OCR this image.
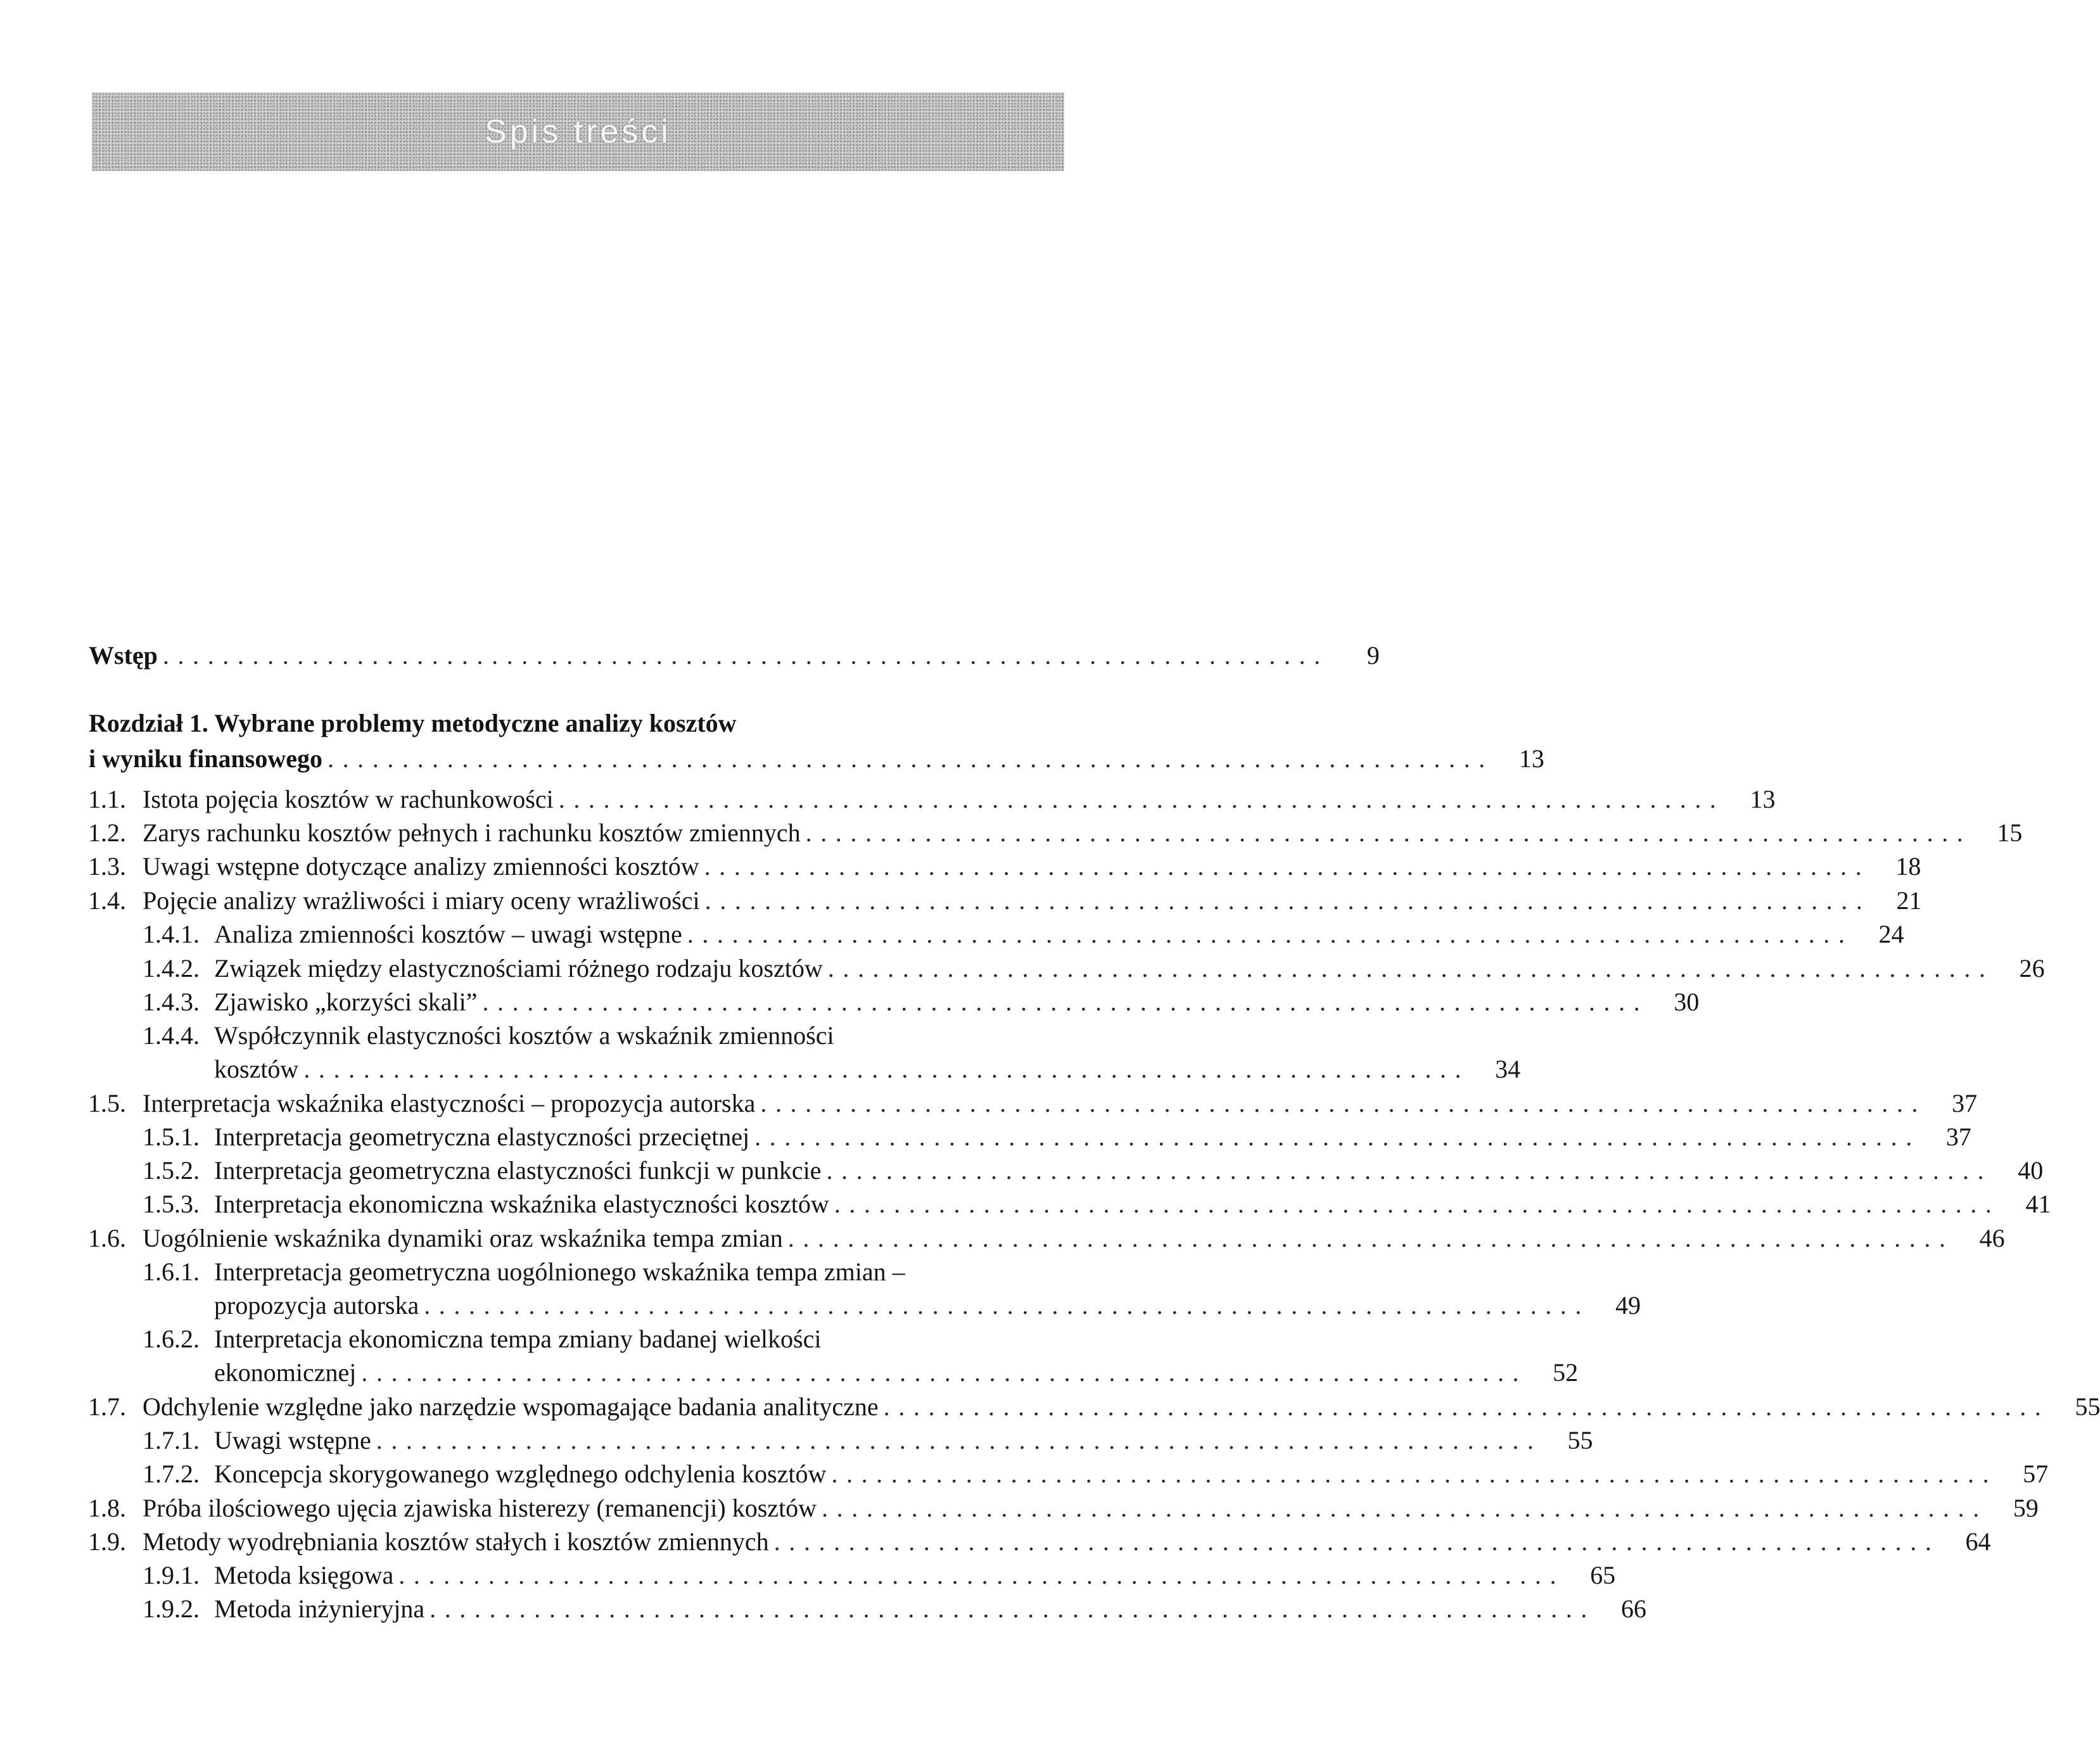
Spis treści
Wstęp ..............................................................................	9
Rozdział 1. Wybrane problemy metodyczne analizy kosztów
i wyniku finansowego ..............................................................................	13
1.1. Istota pojęcia kosztów w rachunkowości ..............................................................................	13
1.2. Zarys rachunku kosztów pełnych i rachunku kosztów zmiennych ..............................................................................	15
1.3. Uwagi wstępne dotyczące analizy zmienności kosztów ..............................................................................	18
1.4. Pojęcie analizy wrażliwości i miary oceny wrażliwości ..............................................................................	21
1.4.1. Analiza zmienności kosztów – uwagi wstępne ..............................................................................	24
1.4.2. Związek między elastycznościami różnego rodzaju kosztów ..............................................................................	26
1.4.3. Zjawisko „korzyści skali” ..............................................................................	30
1.4.4. Współczynnik elastyczności kosztów a wskaźnik zmienności
kosztów ..............................................................................	34
1.5. Interpretacja wskaźnika elastyczności – propozycja autorska ..............................................................................	37
1.5.1. Interpretacja geometryczna elastyczności przeciętnej ..............................................................................	37
1.5.2. Interpretacja geometryczna elastyczności funkcji w punkcie ..............................................................................	40
1.5.3. Interpretacja ekonomiczna wskaźnika elastyczności kosztów ..............................................................................	41
1.6. Uogólnienie wskaźnika dynamiki oraz wskaźnika tempa zmian ..............................................................................	46
1.6.1. Interpretacja geometryczna uogólnionego wskaźnika tempa zmian –
propozycja autorska ..............................................................................	49
1.6.2. Interpretacja ekonomiczna tempa zmiany badanej wielkości
ekonomicznej ..............................................................................	52
1.7. Odchylenie względne jako narzędzie wspomagające badania analityczne ..............................................................................	55
1.7.1. Uwagi wstępne ..............................................................................	55
1.7.2. Koncepcja skorygowanego względnego odchylenia kosztów ..............................................................................	57
1.8. Próba ilościowego ujęcia zjawiska histerezy (remanencji) kosztów ..............................................................................	59
1.9. Metody wyodrębniania kosztów stałych i kosztów zmiennych ..............................................................................	64
1.9.1. Metoda księgowa ..............................................................................	65
1.9.2. Metoda inżynieryjna ..............................................................................	66
